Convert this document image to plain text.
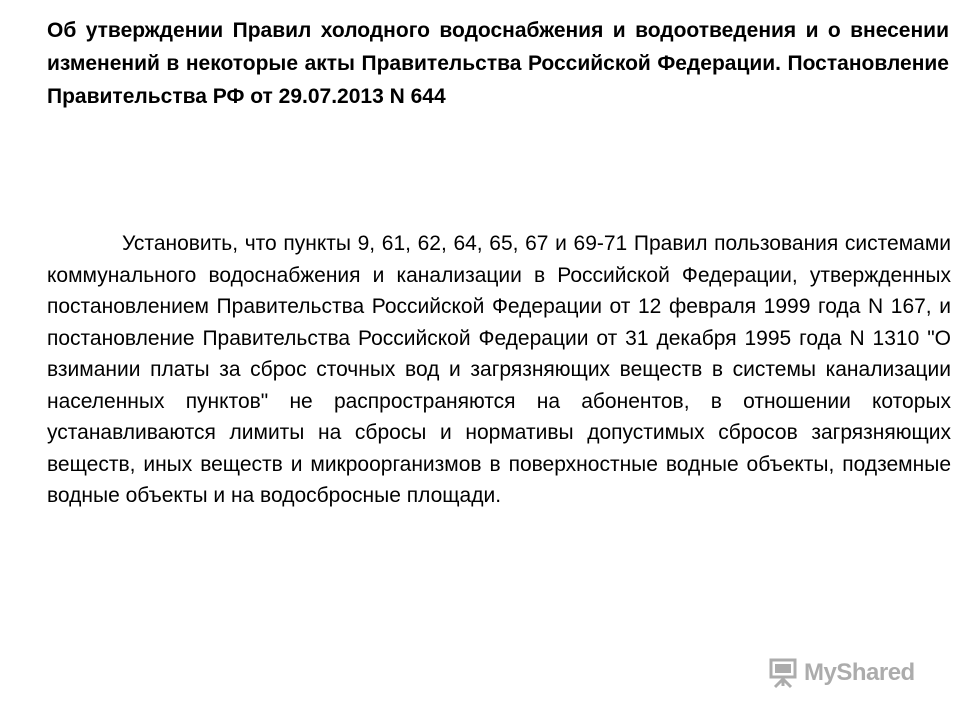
Об утверждении Правил холодного водоснабжения и водоотведения и о внесении изменений в некоторые акты Правительства Российской Федерации. Постановление Правительства РФ от 29.07.2013 N 644

Установить, что пункты 9, 61, 62, 64, 65, 67 и 69-71 Правил пользования системами коммунального водоснабжения и канализации в Российской Федерации, утвержденных постановлением Правительства Российской Федерации от 12 февраля 1999 года N 167, и постановление Правительства Российской Федерации от 31 декабря 1995 года N 1310 "О взимании платы за сброс сточных вод и загрязняющих веществ в системы канализации населенных пунктов" не распространяются на абонентов, в отношении которых устанавливаются лимиты на сбросы и нормативы допустимых сбросов загрязняющих веществ, иных веществ и микроорганизмов в поверхностные водные объекты, подземные водные объекты и на водосбросные площади.

MyShared
